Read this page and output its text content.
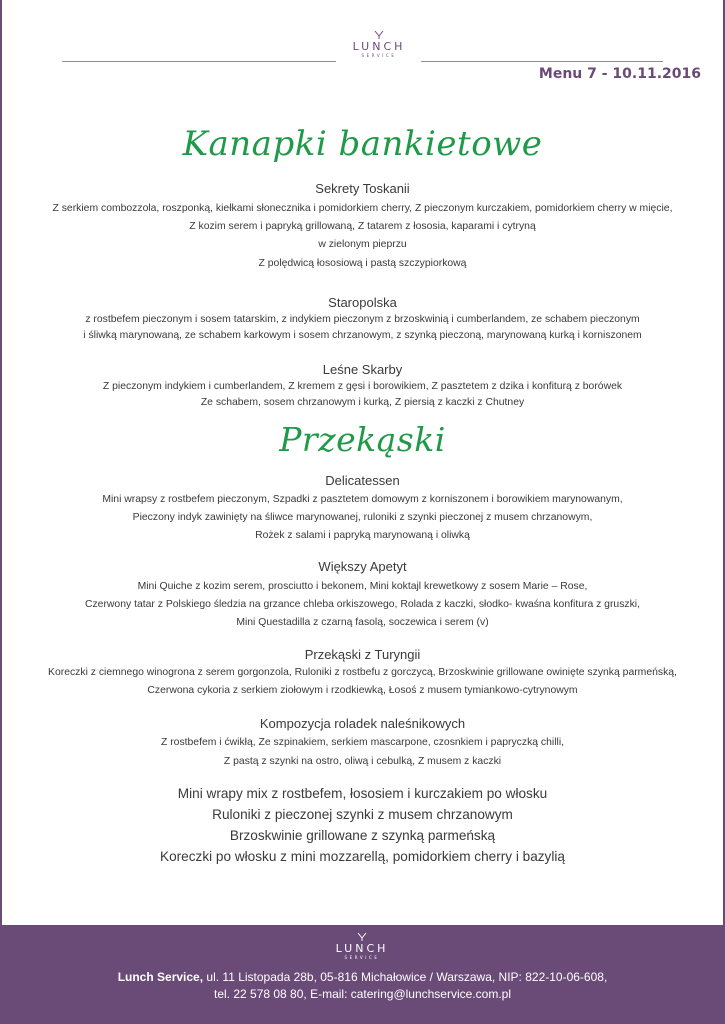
LUNCH
SERVICE
Menu 7 - 10.11.2016
Kanapki bankietowe
Sekrety Toskanii
Z serkiem combozzola, roszponką, kiełkami słonecznika i pomidorkiem cherry, Z pieczonym kurczakiem, pomidorkiem cherry w mięcie,
Z kozim serem i papryką grillowaną, Z tatarem z łososia, kaparami i cytryną
w zielonym pieprzu
Z polędwicą łososiową i pastą szczypiorkową
Staropolska
z rostbefem pieczonym i sosem tatarskim, z indykiem pieczonym z brzoskwinią i cumberlandem, ze schabem pieczonym
i śliwką marynowaną, ze schabem karkowym i sosem chrzanowym, z szynką pieczoną, marynowaną kurką i korniszonem
Leśne Skarby
Z pieczonym indykiem i cumberlandem, Z kremem z gęsi i borowikiem, Z pasztetem z dzika i konfiturą z borówek
Ze schabem, sosem chrzanowym i kurką, Z piersią z kaczki z Chutney
Przekąski
Delicatessen
Mini wrapsy z rostbefem pieczonym, Szpadki z pasztetem domowym z korniszonem i borowikiem marynowanym,
Pieczony indyk zawinięty na śliwce marynowanej, ruloniki z szynki pieczonej z musem chrzanowym,
Rożek z salami i papryką marynowaną i oliwką
Większy Apetyt
Mini Quiche z kozim serem, prosciutto i bekonem, Mini koktajl krewetkowy z sosem Marie – Rose,
Czerwony tatar z Polskiego śledzia na grzance chleba orkiszowego, Rolada z kaczki, słodko- kwaśna konfitura z gruszki,
Mini Questadilla z czarną fasolą, soczewica i serem (v)
Przekąski z Turyngii
Koreczki z ciemnego winogrona z serem gorgonzola, Ruloniki z rostbefu z gorczycą, Brzoskwinie grillowane owinięte szynką parmeńską,
Czerwona cykoria z serkiem ziołowym i rzodkiewką, Łosoś z musem tymiankowo-cytrynowym
Kompozycja roladek naleśnikowych
Z rostbefem i ćwikłą, Ze szpinakiem, serkiem mascarpone, czosnkiem i papryczką chilli,
Z pastą z szynki na ostro, oliwą i cebulką, Z musem z kaczki
Mini wrapy mix z rostbefem, łososiem i kurczakiem po włosku
Ruloniki z pieczonej szynki z musem chrzanowym
Brzoskwinie grillowane z szynką parmeńską
Koreczki po włosku z mini mozzarellą, pomidorkiem cherry i bazylią
LUNCH
SERVICE
Lunch Service, ul. 11 Listopada 28b, 05-816 Michałowice / Warszawa, NIP: 822-10-06-608,
tel. 22 578 08 80, E-mail: catering@lunchservice.com.pl
